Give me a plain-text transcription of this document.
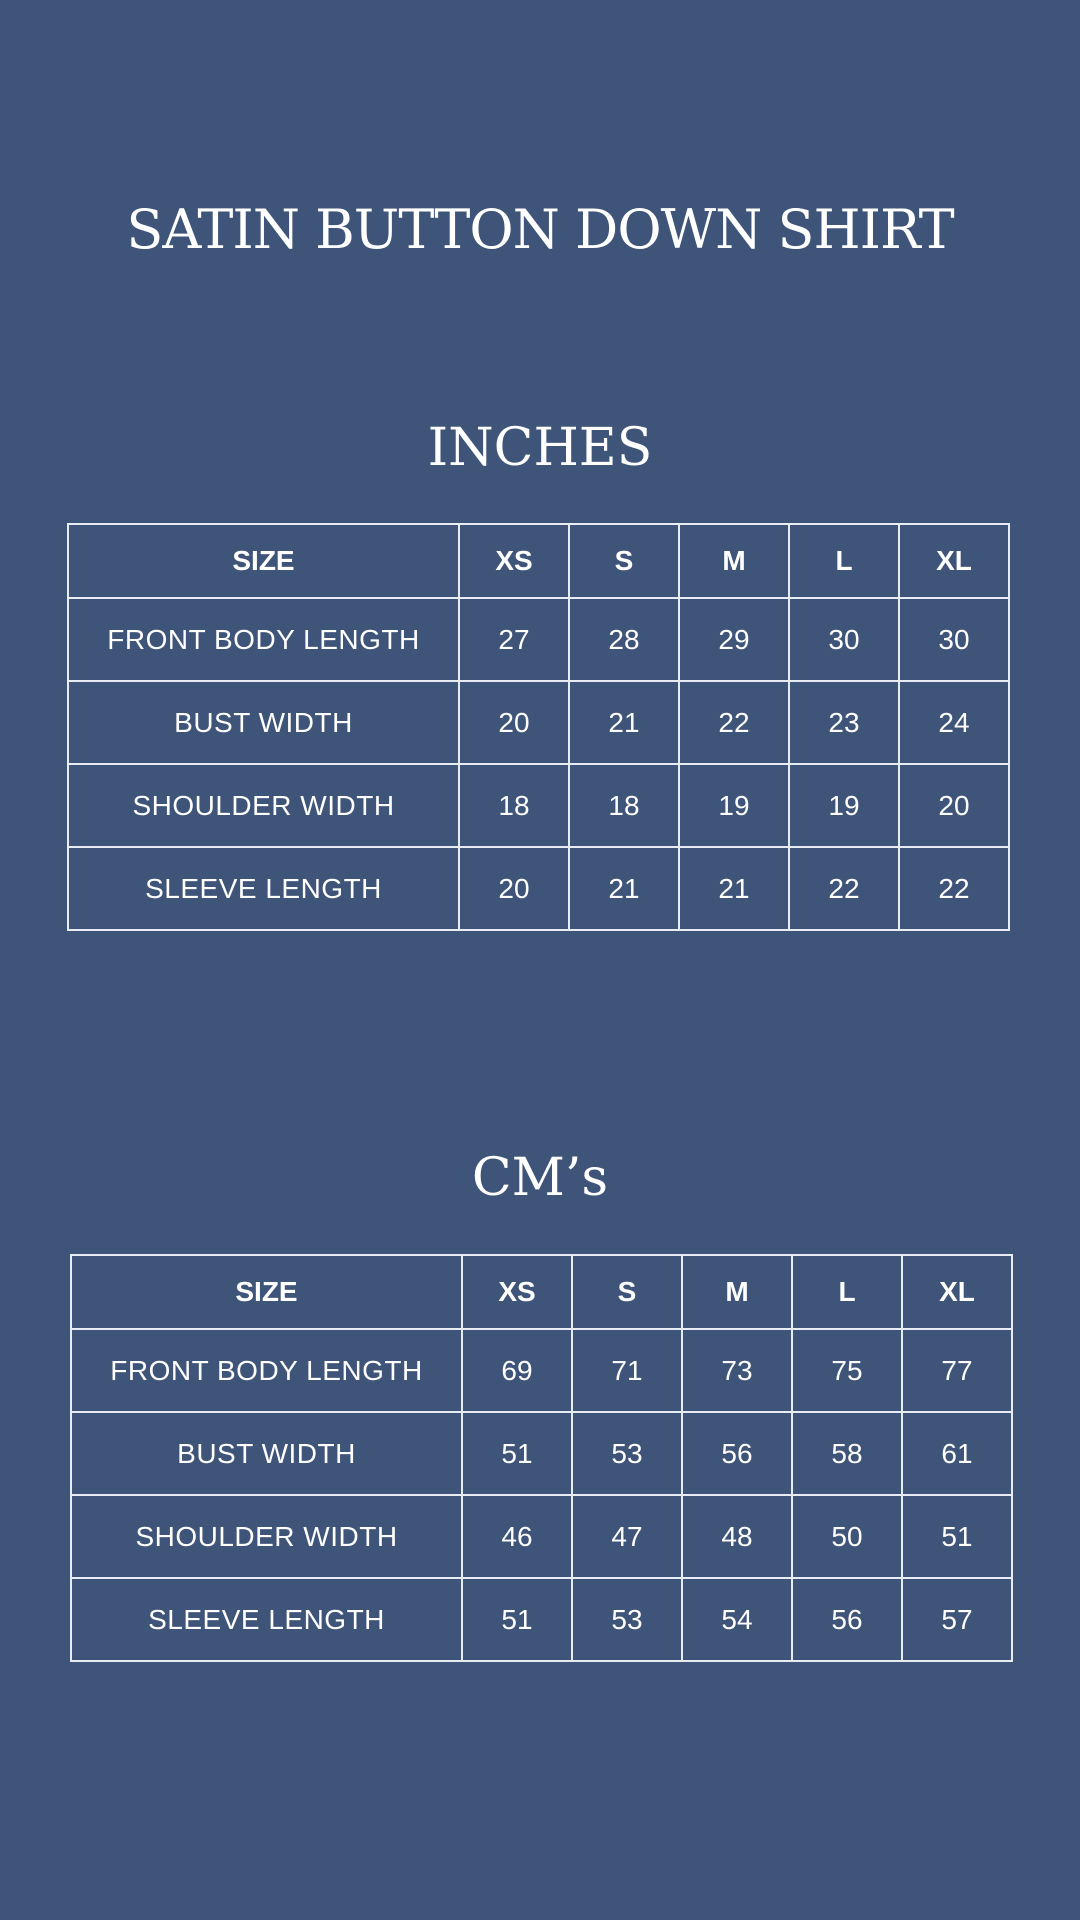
SATIN BUTTON DOWN SHIRT
INCHES
SIZE	XS	S	M	L	XL
FRONT BODY LENGTH	27	28	29	30	30
BUST WIDTH	20	21	22	23	24
SHOULDER WIDTH	18	18	19	19	20
SLEEVE LENGTH	20	21	21	22	22
CM’s
SIZE	XS	S	M	L	XL
FRONT BODY LENGTH	69	71	73	75	77
BUST WIDTH	51	53	56	58	61
SHOULDER WIDTH	46	47	48	50	51
SLEEVE LENGTH	51	53	54	56	57
